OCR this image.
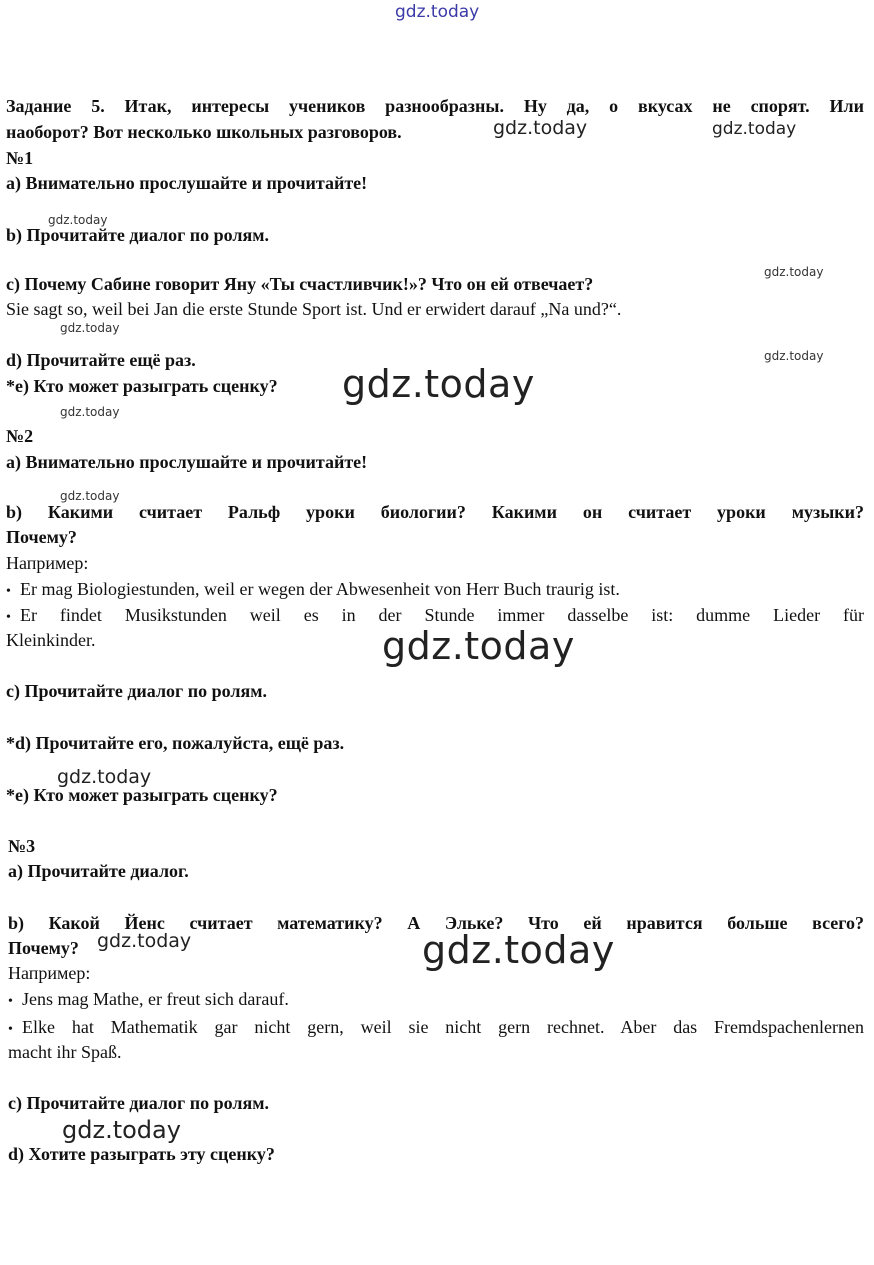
gdz.today
gdz.today	gdz.today
gdz.today
gdz.today
gdz.today
gdz.today
gdz.today
gdz.today
gdz.today
gdz.today
gdz.today
gdz.today	gdz.today
gdz.today
Задание 5. Итак, интересы учеников разнообразны. Ну да, о вкусах не спорят. Или
наоборот? Вот несколько школьных разговоров.
№1
a) Внимательно прослушайте и прочитайте!
b) Прочитайте диалог по ролям.
c) Почему Сабине говорит Яну «Ты счастливчик!»? Что он ей отвечает?
Sie sagt so, weil bei Jan die erste Stunde Sport ist. Und er erwidert darauf „Na und?“.
d) Прочитайте ещё раз.
*e) Кто может разыграть сценку?
№2
a) Внимательно прослушайте и прочитайте!
b) Какими считает Ральф уроки биологии? Какими он считает уроки музыки?
Почему?
Например:
• Er mag Biologiestunden, weil er wegen der Abwesenheit von Herr Buch traurig ist.
• Er findet Musikstunden weil es in der Stunde immer dasselbe ist: dumme Lieder für
Kleinkinder.
c) Прочитайте диалог по ролям.
*d) Прочитайте его, пожалуйста, ещё раз.
*e) Кто может разыграть сценку?
№3
a) Прочитайте диалог.
b) Какой Йенс считает математику? А Эльке? Что ей нравится больше всего?
Почему?
Например:
• Jens mag Mathe, er freut sich darauf.
• Elke hat Mathematik gar nicht gern, weil sie nicht gern rechnet. Aber das Fremdspachenlernen
macht ihr Spaß.
c) Прочитайте диалог по ролям.
d) Хотите разыграть эту сценку?
